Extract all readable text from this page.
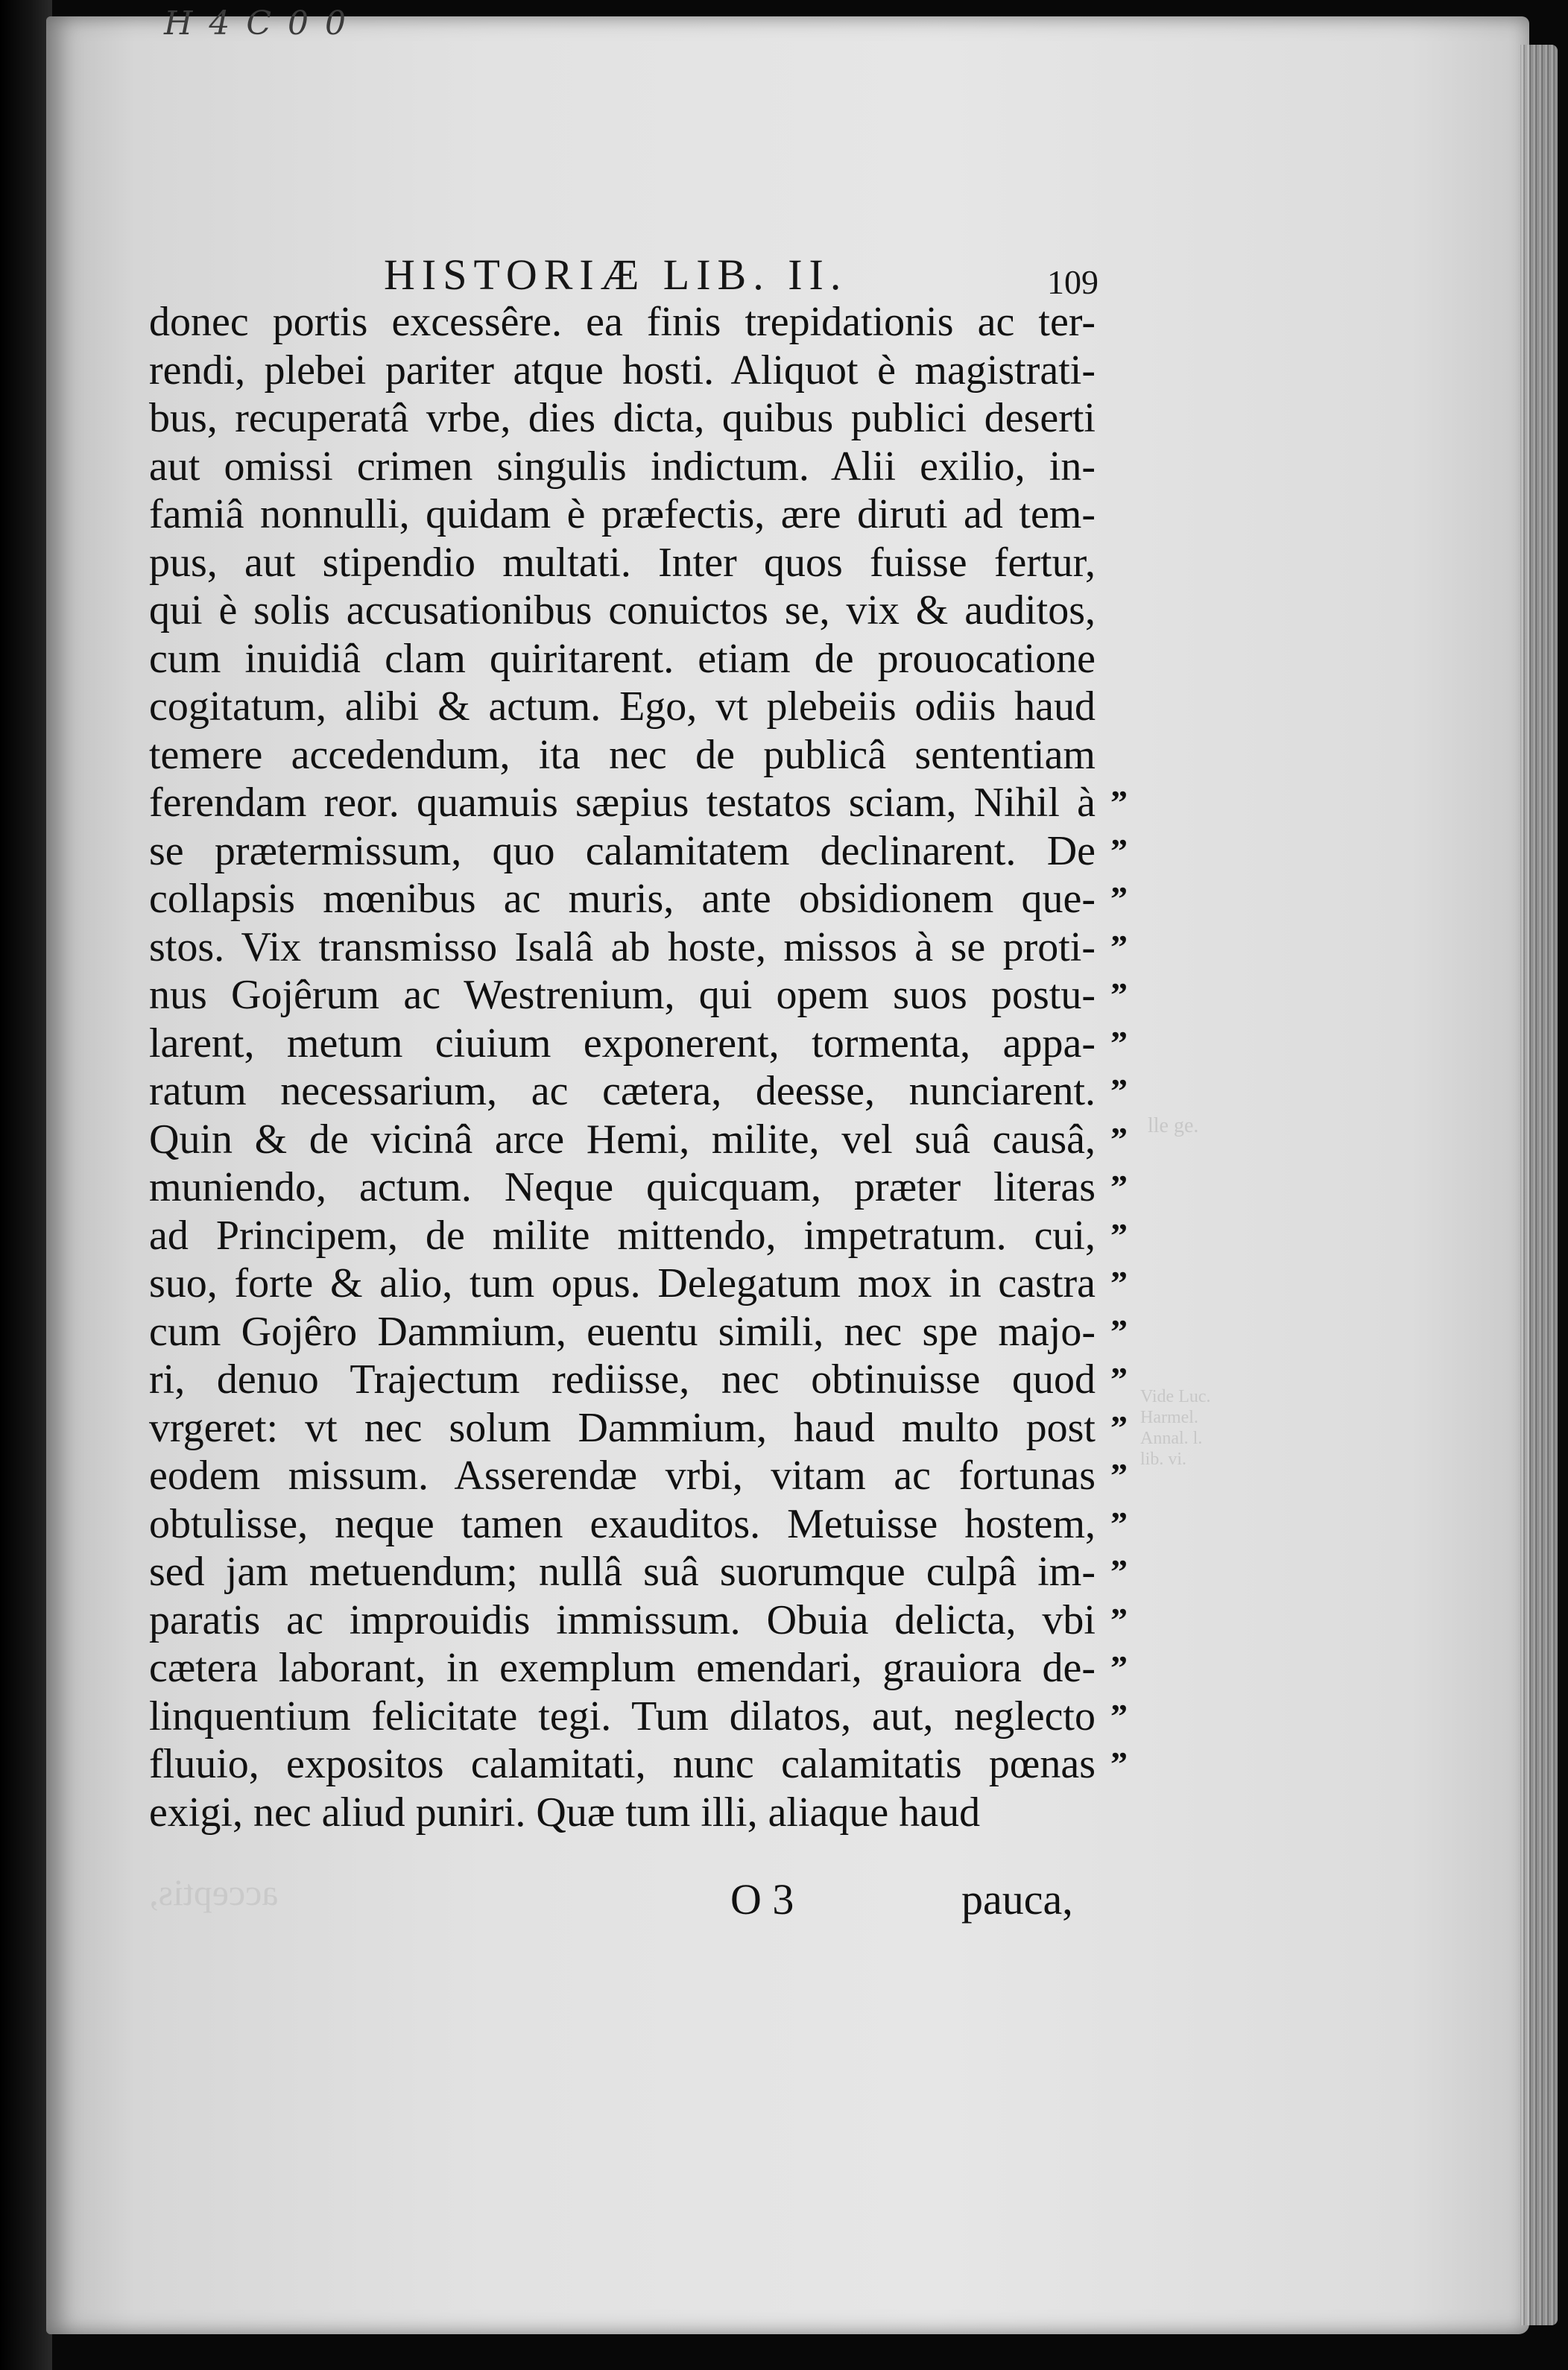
H 4 C 0 0
HISTORIÆ LIB. II.	109
donec portis excessêre. ea finis trepidationis ac ter-
rendi, plebei pariter atque hosti. Aliquot è magistrati-
bus, recuperatâ vrbe, dies dicta, quibus publici deserti
aut omissi crimen singulis indictum. Alii exilio, in-
famiâ nonnulli, quidam è præfectis, ære diruti ad tem-
pus, aut stipendio multati. Inter quos fuisse fertur,
qui è solis accusationibus conuictos se, vix & auditos,
cum inuidiâ clam quiritarent. etiam de prouocatione
cogitatum, alibi & actum. Ego, vt plebeiis odiis haud
temere accedendum, ita nec de publicâ sententiam
ferendam reor. quamuis sæpius testatos sciam, Nihil à ”
se prætermissum, quo calamitatem declinarent. De ”
collapsis mœnibus ac muris, ante obsidionem que- ”
stos. Vix transmisso Isalâ ab hoste, missos à se proti- ”
nus Gojêrum ac Westrenium, qui opem suos postu- ”
larent, metum ciuium exponerent, tormenta, appa- ”
ratum necessarium, ac cætera, deesse, nunciarent. ”
Quin & de vicinâ arce Hemi, milite, vel suâ causâ, ”
muniendo, actum. Neque quicquam, præter literas ”
ad Principem, de milite mittendo, impetratum. cui, ”
suo, forte & alio, tum opus. Delegatum mox in castra ”
cum Gojêro Dammium, euentu simili, nec spe majo- ”
ri, denuo Trajectum rediisse, nec obtinuisse quod ”
vrgeret: vt nec solum Dammium, haud multo post ”
eodem missum. Asserendæ vrbi, vitam ac fortunas ”
obtulisse, neque tamen exauditos. Metuisse hostem, ”
sed jam metuendum; nullâ suâ suorumque culpâ im- ”
paratis ac improuidis immissum. Obuia delicta, vbi ”
cætera laborant, in exemplum emendari, grauiora de- ”
linquentium felicitate tegi. Tum dilatos, aut, neglecto ”
fluuio, expositos calamitati, nunc calamitatis pœnas ”
exigi, nec aliud puniri. Quæ tum illi, aliaque haud
O 3	pauca,
acceptis,
lle ge.
Vide Luc.
Harmel.
Annal. l.
lib. vi.
